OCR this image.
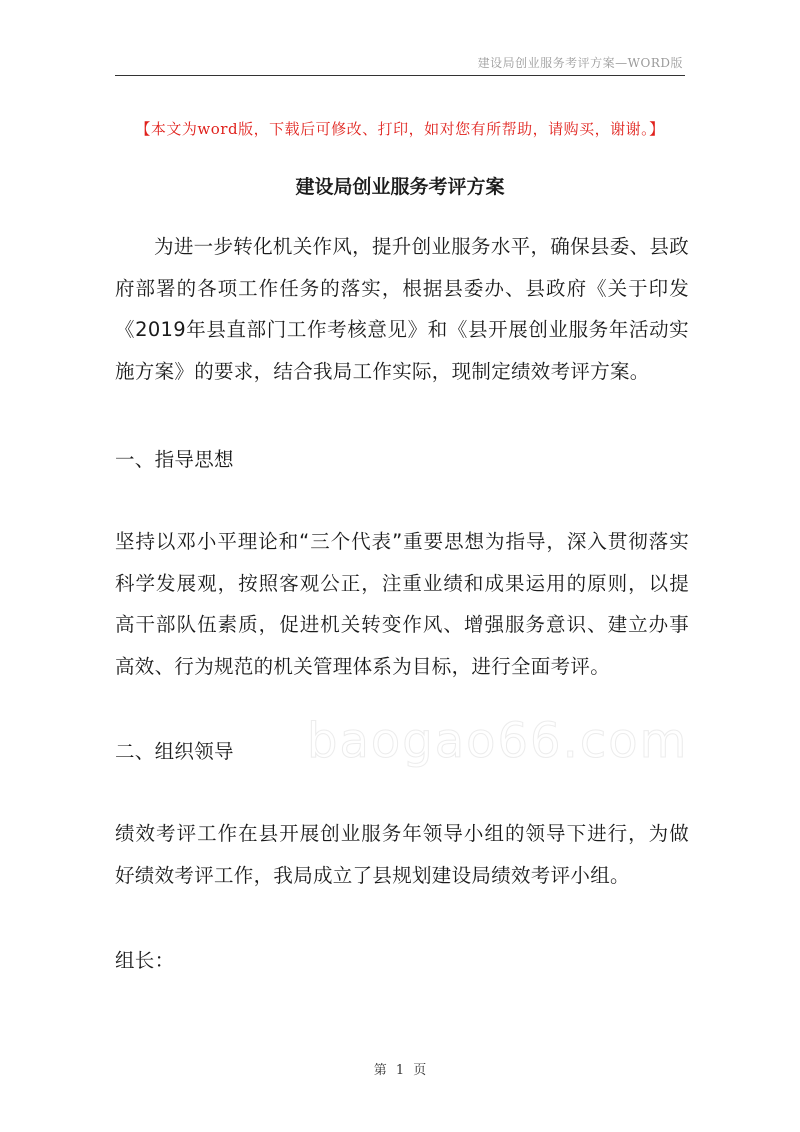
建设局创业服务考评方案—WORD版
【本文为word版，下载后可修改、打印，如对您有所帮助，请购买，谢谢。】
建设局创业服务考评方案

为进一步转化机关作风，提升创业服务水平，确保县委、县政府部署的各项工作任务的落实，根据县委办、县政府《关于印发《2019年县直部门工作考核意见》和《县开展创业服务年活动实施方案》的要求，结合我局工作实际，现制定绩效考评方案。

一、指导思想

坚持以邓小平理论和“三个代表”重要思想为指导，深入贯彻落实科学发展观，按照客观公正，注重业绩和成果运用的原则，以提高干部队伍素质，促进机关转变作风、增强服务意识、建立办事高效、行为规范的机关管理体系为目标，进行全面考评。

二、组织领导

绩效考评工作在县开展创业服务年领导小组的领导下进行，为做好绩效考评工作，我局成立了县规划建设局绩效考评小组。

组长：

baogao66.com
第 1 页
